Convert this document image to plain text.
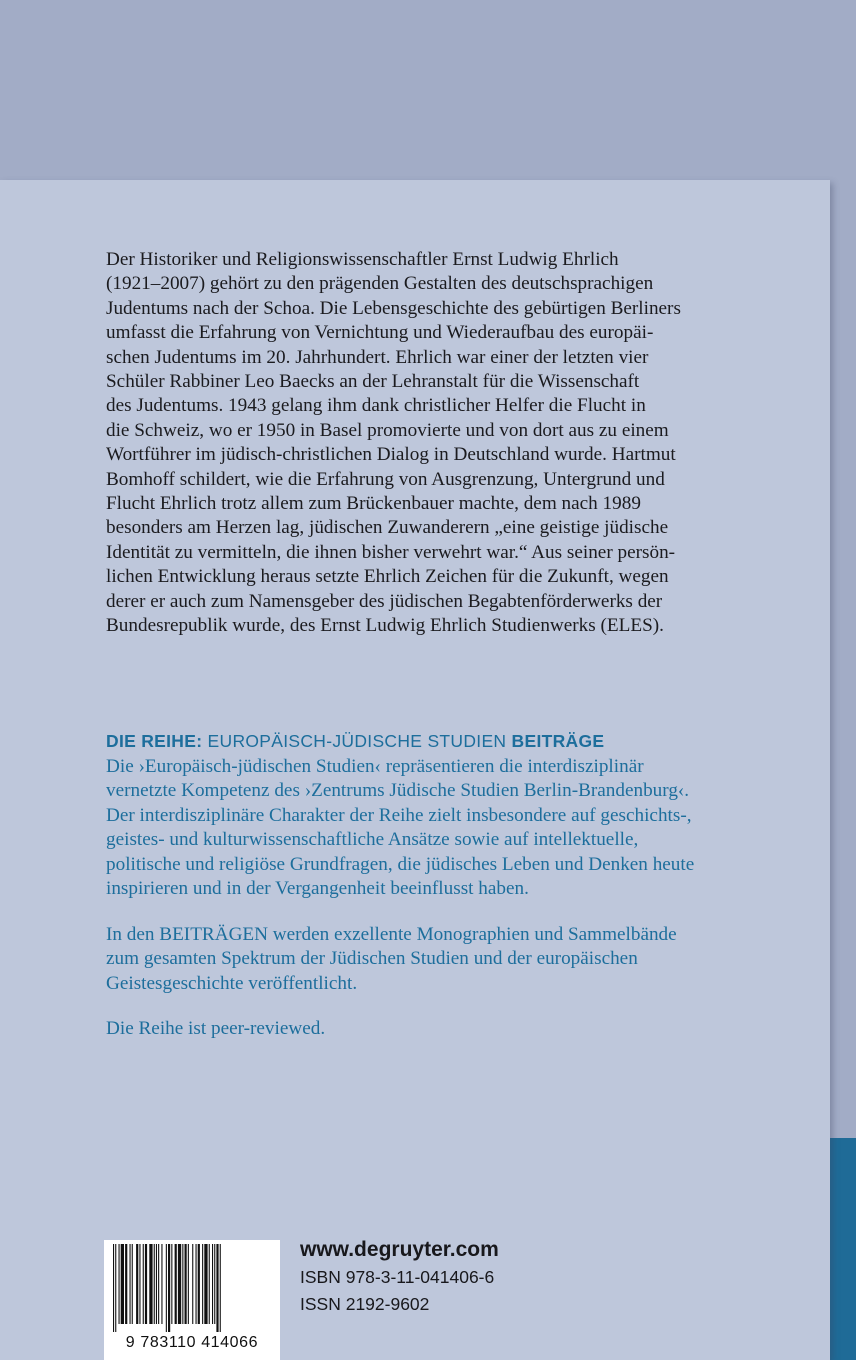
Der Historiker und Religionswissenschaftler Ernst Ludwig Ehrlich
(1921–2007) gehört zu den prägenden Gestalten des deutschsprachigen
Judentums nach der Schoa. Die Lebensgeschichte des gebürtigen Berliners
umfasst die Erfahrung von Vernichtung und Wiederaufbau des europäi-
schen Judentums im 20. Jahrhundert. Ehrlich war einer der letzten vier
Schüler Rabbiner Leo Baecks an der Lehranstalt für die Wissenschaft
des Judentums. 1943 gelang ihm dank christlicher Helfer die Flucht in
die Schweiz, wo er 1950 in Basel promovierte und von dort aus zu einem
Wortführer im jüdisch-christlichen Dialog in Deutschland wurde. Hartmut
Bomhoff schildert, wie die Erfahrung von Ausgrenzung, Untergrund und
Flucht Ehrlich trotz allem zum Brückenbauer machte, dem nach 1989
besonders am Herzen lag, jüdischen Zuwanderern „eine geistige jüdische
Identität zu vermitteln, die ihnen bisher verwehrt war.“ Aus seiner persön-
lichen Entwicklung heraus setzte Ehrlich Zeichen für die Zukunft, wegen
derer er auch zum Namensgeber des jüdischen Begabtenförderwerks der
Bundesrepublik wurde, des Ernst Ludwig Ehrlich Studienwerks (ELES).

DIE REIHE: EUROPÄISCH-JÜDISCHE STUDIEN BEITRÄGE

Die ›Europäisch-jüdischen Studien‹ repräsentieren die interdisziplinär
vernetzte Kompetenz des ›Zentrums Jüdische Studien Berlin-Brandenburg‹.
Der interdisziplinäre Charakter der Reihe zielt insbesondere auf geschichts-,
geistes- und kulturwissenschaftliche Ansätze sowie auf intellektuelle,
politische und religiöse Grundfragen, die jüdisches Leben und Denken heute
inspirieren und in der Vergangenheit beeinflusst haben.

In den BEITRÄGEN werden exzellente Monographien und Sammelbände
zum gesamten Spektrum der Jüdischen Studien und der europäischen
Geistesgeschichte veröffentlicht.

Die Reihe ist peer-reviewed.

9 783110 414066
www.degruyter.com
ISBN 978-3-11-041406-6
ISSN 2192-9602
